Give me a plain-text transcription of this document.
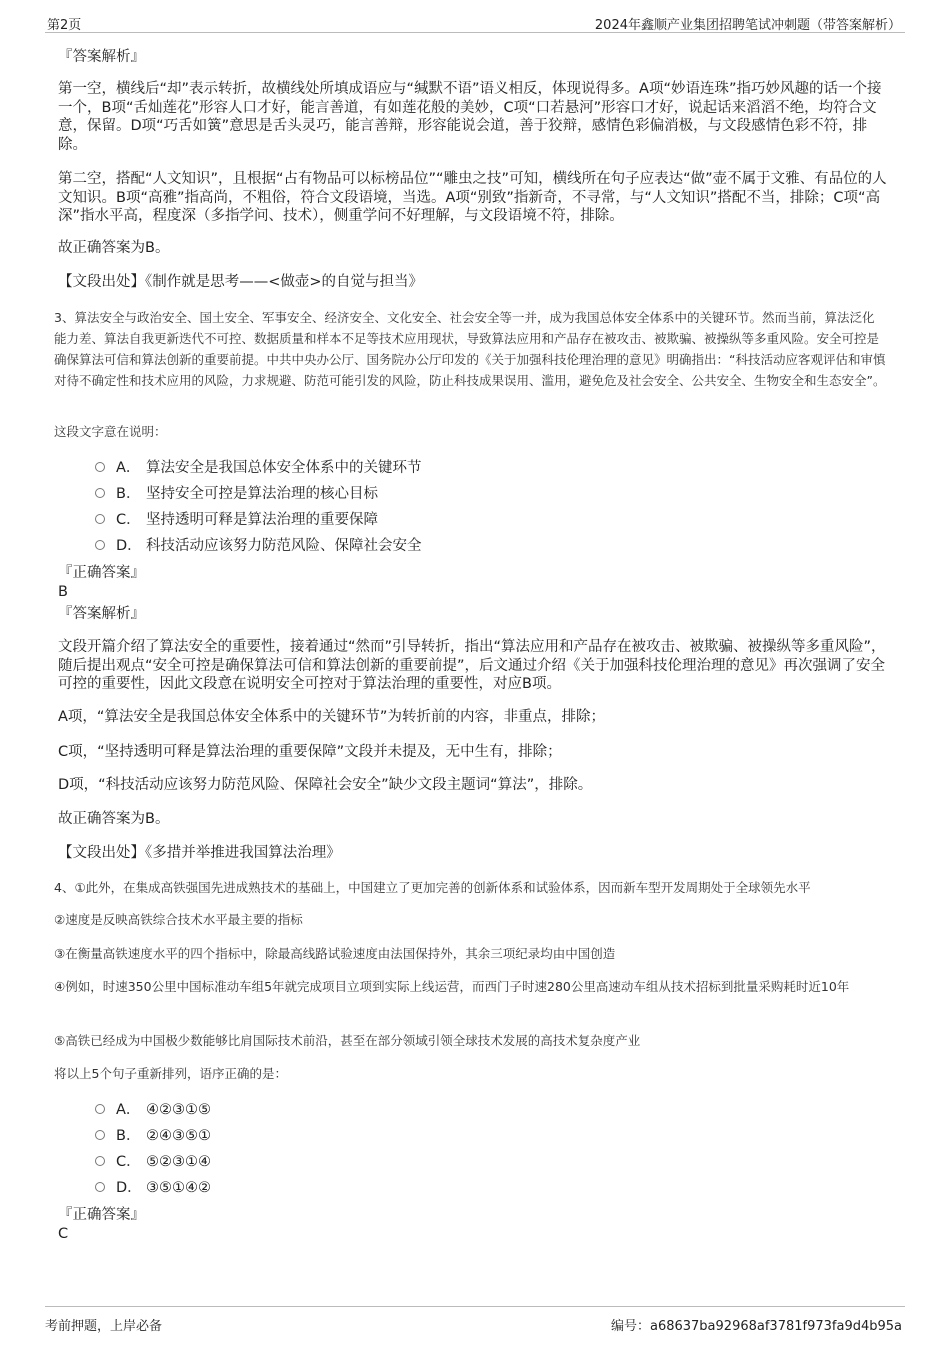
第2页	2024年鑫顺产业集团招聘笔试冲刺题（带答案解析）
『答案解析』
第一空，横线后“却”表示转折，故横线处所填成语应与“缄默不语”语义相反，体现说得多。A项“妙语连珠”指巧妙风趣的话一个接一个，B项“舌灿莲花”形容人口才好，能言善道，有如莲花般的美妙，C项“口若悬河”形容口才好，说起话来滔滔不绝，均符合文意，保留。D项“巧舌如簧”意思是舌头灵巧，能言善辩，形容能说会道，善于狡辩，感情色彩偏消极，与文段感情色彩不符，排除。
第二空，搭配“人文知识”，且根据“占有物品可以标榜品位”“雕虫之技”可知，横线所在句子应表达“做”壶不属于文雅、有品位的人文知识。B项“高雅”指高尚，不粗俗，符合文段语境，当选。A项“别致”指新奇，不寻常，与“人文知识”搭配不当，排除；C项“高深”指水平高，程度深（多指学问、技术），侧重学问不好理解，与文段语境不符，排除。
故正确答案为B。
【文段出处】《制作就是思考——<做壶>的自觉与担当》
3、算法安全与政治安全、国土安全、军事安全、经济安全、文化安全、社会安全等一并，成为我国总体安全体系中的关键环节。然而当前，算法泛化能力差、算法自我更新迭代不可控、数据质量和样本不足等技术应用现状，导致算法应用和产品存在被攻击、被欺骗、被操纵等多重风险。安全可控是确保算法可信和算法创新的重要前提。中共中央办公厅、国务院办公厅印发的《关于加强科技伦理治理的意见》明确指出：“科技活动应客观评估和审慎对待不确定性和技术应用的风险，力求规避、防范可能引发的风险，防止科技成果误用、滥用，避免危及社会安全、公共安全、生物安全和生态安全”。
这段文字意在说明：
A． 算法安全是我国总体安全体系中的关键环节
B． 坚持安全可控是算法治理的核心目标
C． 坚持透明可释是算法治理的重要保障
D． 科技活动应该努力防范风险、保障社会安全
『正确答案』
B
『答案解析』
文段开篇介绍了算法安全的重要性，接着通过“然而”引导转折，指出“算法应用和产品存在被攻击、被欺骗、被操纵等多重风险”，随后提出观点“安全可控是确保算法可信和算法创新的重要前提”，后文通过介绍《关于加强科技伦理治理的意见》再次强调了安全可控的重要性，因此文段意在说明安全可控对于算法治理的重要性，对应B项。
A项，“算法安全是我国总体安全体系中的关键环节”为转折前的内容，非重点，排除；
C项，“坚持透明可释是算法治理的重要保障”文段并未提及，无中生有，排除；
D项，“科技活动应该努力防范风险、保障社会安全”缺少文段主题词“算法”，排除。
故正确答案为B。
【文段出处】《多措并举推进我国算法治理》
4、①此外，在集成高铁强国先进成熟技术的基础上，中国建立了更加完善的创新体系和试验体系，因而新车型开发周期处于全球领先水平
②速度是反映高铁综合技术水平最主要的指标
③在衡量高铁速度水平的四个指标中，除最高线路试验速度由法国保持外，其余三项纪录均由中国创造
④例如，时速350公里中国标准动车组5年就完成项目立项到实际上线运营，而西门子时速280公里高速动车组从技术招标到批量采购耗时近10年
⑤高铁已经成为中国极少数能够比肩国际技术前沿，甚至在部分领域引领全球技术发展的高技术复杂度产业
将以上5个句子重新排列，语序正确的是：
A． ④②③①⑤
B． ②④③⑤①
C． ⑤②③①④
D． ③⑤①④②
『正确答案』
C
考前押题，上岸必备	编号：a68637ba92968af3781f973fa9d4b95a
